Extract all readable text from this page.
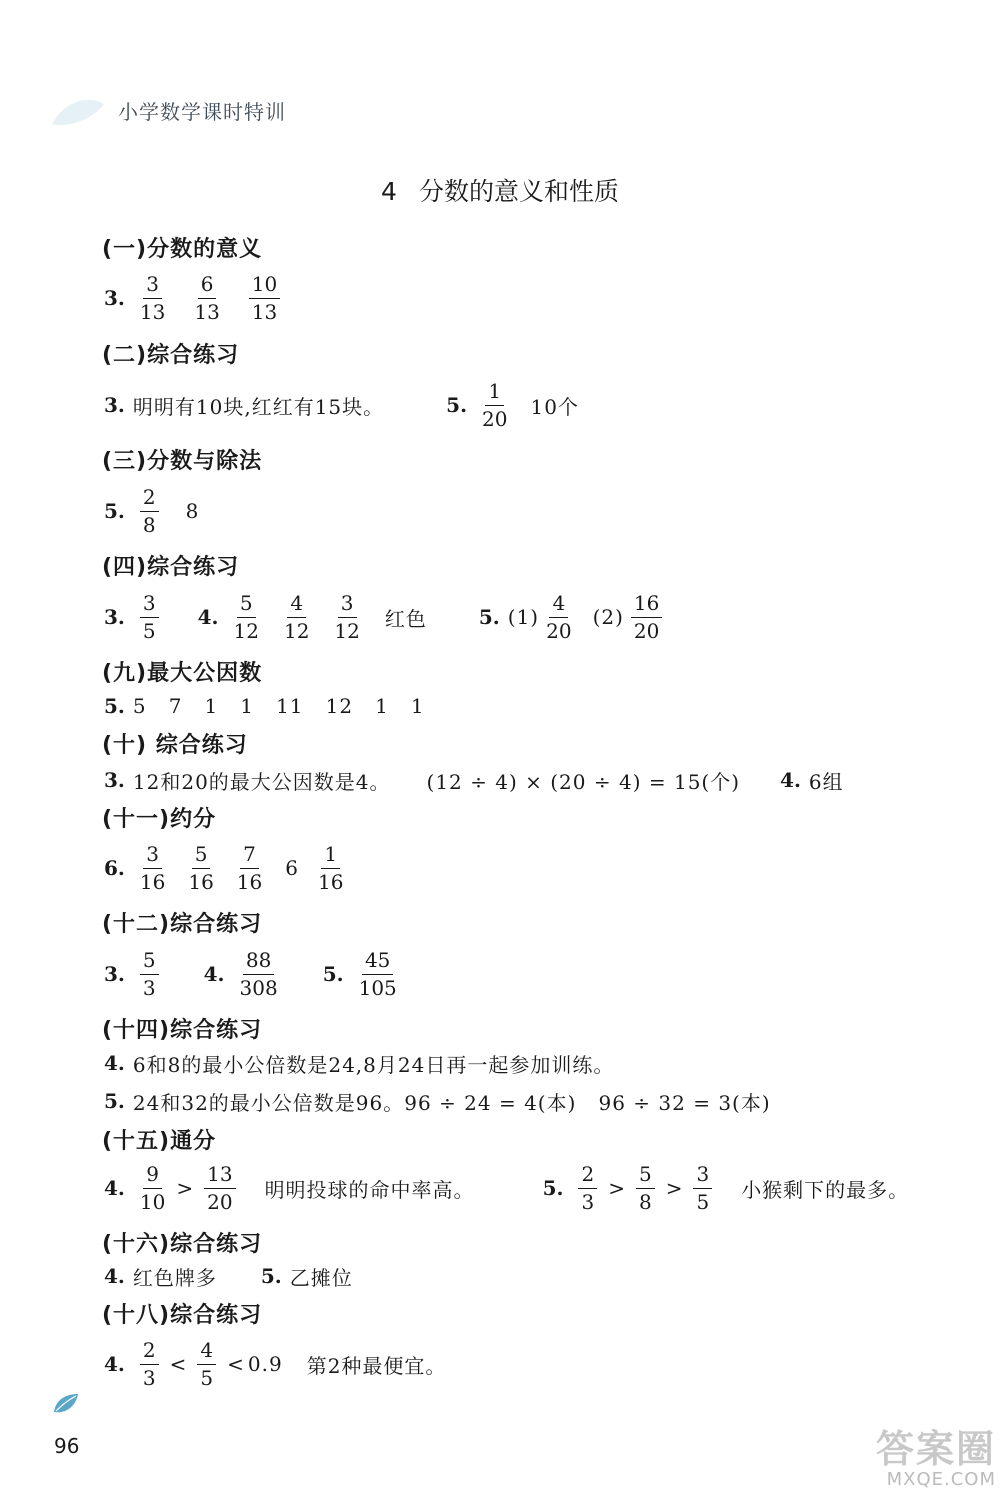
小学数学课时特训
4 分数的意义和性质
(一)分数的意义
3. $\frac{3}{13} \frac{6}{13} \frac{10}{13}$
(二)综合练习
3. 明明有10块,红红有15块。	5. $\frac{1}{20} 10$个
(三)分数与除法
5. $\frac{2}{8} 8$
(四)综合练习
3. $\frac{3}{5} 4$. $\frac{5}{12} \frac{4}{12} \frac{3}{12}$ 红色	5. $(1) \frac{4}{20} (2) \frac{16}{20}$
(九)最大公因数
5. 5   7   1   1   11   12   1   1
(十) 综合练习
3. 12和20的最大公因数是4。 (12 ÷ 4) × (20 ÷ 4) = 15(个) 4. 6组
(十一)约分
6. $\frac{3}{16} \frac{5}{16} \frac{7}{16} 6 \frac{1}{16}$
(十二)综合练习
3. $\frac{5}{3} 4$. $\frac{88}{308} 5$. $\frac{45}{105}$
(十四)综合练习
4. 6和8的最小公倍数是24,8月24日再一起参加训练。
5. 24和32的最小公倍数是96。96 ÷ 24 = 4(本)   96 ÷ 32 = 3(本)
(十五)通分
4. $\frac{9}{10} > \frac{13}{20}$ 明明投球的命中率高。	5. $\frac{2}{3} > \frac{5}{8} > \frac{3}{5}$ 小猴剩下的最多。
(十六)综合练习
4. 红色牌多 5. 乙摊位
(十八)综合练习
4. $\frac{2}{3} < \frac{4}{5} < 0.9$ 第2种最便宜。
96	答案圈
MXQE.COM
